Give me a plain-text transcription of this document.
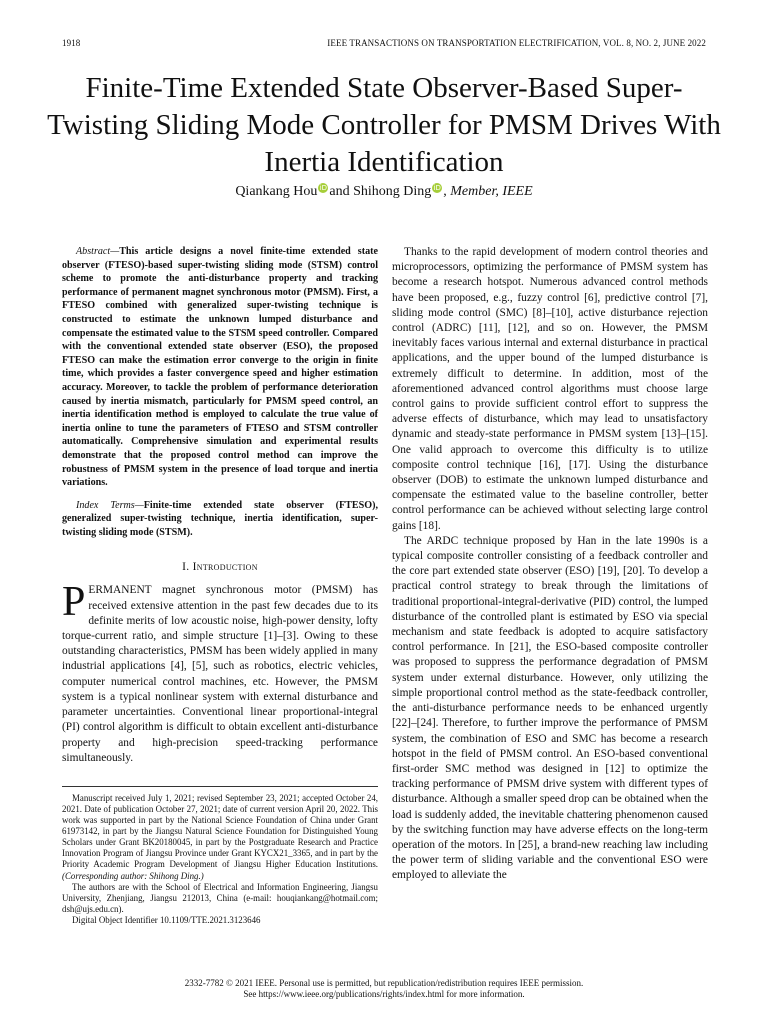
1918	IEEE TRANSACTIONS ON TRANSPORTATION ELECTRIFICATION, VOL. 8, NO. 2, JUNE 2022
Finite-Time Extended State Observer-Based Super-Twisting Sliding Mode Controller for PMSM Drives With Inertia Identification
Qiankang Hou iD and Shihong Ding iD , Member, IEEE

Abstract—This article designs a novel finite-time extended state observer (FTESO)-based super-twisting sliding mode (STSM) control scheme to promote the anti-disturbance property and tracking performance of permanent magnet synchronous motor (PMSM). First, a FTESO combined with generalized super-twisting technique is constructed to estimate the unknown lumped disturbance and compensate the estimated value to the STSM speed controller. Compared with the conventional extended state observer (ESO), the proposed FTESO can make the estimation error converge to the origin in finite time, which provides a faster convergence speed and higher estimation accuracy. Moreover, to tackle the problem of performance deterioration caused by inertia mismatch, particularly for PMSM speed control, an inertia identification method is employed to calculate the true value of inertia online to tune the parameters of FTESO and STSM controller automatically. Comprehensive simulation and experimental results demonstrate that the proposed control method can improve the robustness of PMSM system in the presence of load torque and inertia variations.

Index Terms—Finite-time extended state observer (FTESO), generalized super-twisting technique, inertia identification, super-twisting sliding mode (STSM).

I. Introduction

PERMANENT magnet synchronous motor (PMSM) has received extensive attention in the past few decades due to its definite merits of low acoustic noise, high-power density, lofty torque-current ratio, and simple structure [1]–[3]. Owing to these outstanding characteristics, PMSM has been widely applied in many industrial applications [4], [5], such as robotics, electric vehicles, computer numerical control machines, etc. However, the PMSM system is a typical nonlinear system with external disturbance and parameter uncertainties. Conventional linear proportional-integral (PI) control algorithm is difficult to obtain excellent anti-disturbance property and high-precision speed-tracking performance simultaneously.

Manuscript received July 1, 2021; revised September 23, 2021; accepted October 24, 2021. Date of publication October 27, 2021; date of current version April 20, 2022. This work was supported in part by the National Science Foundation of China under Grant 61973142, in part by the Jiangsu Natural Science Foundation for Distinguished Young Scholars under Grant BK20180045, in part by the Postgraduate Research and Practice Innovation Program of Jiangsu Province under Grant KYCX21_3365, and in part by the Priority Academic Program Development of Jiangsu Higher Education Institutions. (Corresponding author: Shihong Ding.)

The authors are with the School of Electrical and Information Engineering, Jiangsu University, Zhenjiang, Jiangsu 212013, China (e-mail: houqiankang@hotmail.com; dsh@ujs.edu.cn).

Digital Object Identifier 10.1109/TTE.2021.3123646

Thanks to the rapid development of modern control theories and microprocessors, optimizing the performance of PMSM system has become a research hotspot. Numerous advanced control methods have been proposed, e.g., fuzzy control [6], predictive control [7], sliding mode control (SMC) [8]–[10], active disturbance rejection control (ADRC) [11], [12], and so on. However, the PMSM inevitably faces various internal and external disturbance in practical applications, and the upper bound of the lumped disturbance is extremely difficult to determine. In addition, most of the aforementioned advanced control algorithms must choose large control gains to provide sufficient control effort to suppress the adverse effects of disturbance, which may lead to unsatisfactory dynamic and steady-state performance in PMSM system [13]–[15]. One valid approach to overcome this difficulty is to utilize composite control technique [16], [17]. Using the disturbance observer (DOB) to estimate the unknown lumped disturbance and compensate the estimated value to the baseline controller, better control performance can be achieved without selecting large control gains [18].

The ARDC technique proposed by Han in the late 1990s is a typical composite controller consisting of a feedback controller and the core part extended state observer (ESO) [19], [20]. To develop a practical control strategy to break through the limitations of traditional proportional-integral-derivative (PID) control, the lumped disturbance of the controlled plant is estimated by ESO via special mechanism and state feedback is adopted to acquire satisfactory control performance. In [21], the ESO-based composite controller was proposed to suppress the performance degradation of PMSM system under external disturbance. However, only utilizing the simple proportional control method as the state-feedback controller, the anti-disturbance performance needs to be enhanced urgently [22]–[24]. Therefore, to further improve the performance of PMSM system, the combination of ESO and SMC has become a research hotspot in the field of PMSM control. An ESO-based conventional first-order SMC method was designed in [12] to optimize the tracking performance of PMSM drive system with different types of disturbance. Although a smaller speed drop can be obtained when the load is suddenly added, the inevitable chattering phenomenon caused by the switching function may have adverse effects on the long-term operation of the motors. In [25], a brand-new reaching law including the power term of sliding variable and the conventional ESO were employed to alleviate the

2332-7782 © 2021 IEEE. Personal use is permitted, but republication/redistribution requires IEEE permission.
See https://www.ieee.org/publications/rights/index.html for more information.
